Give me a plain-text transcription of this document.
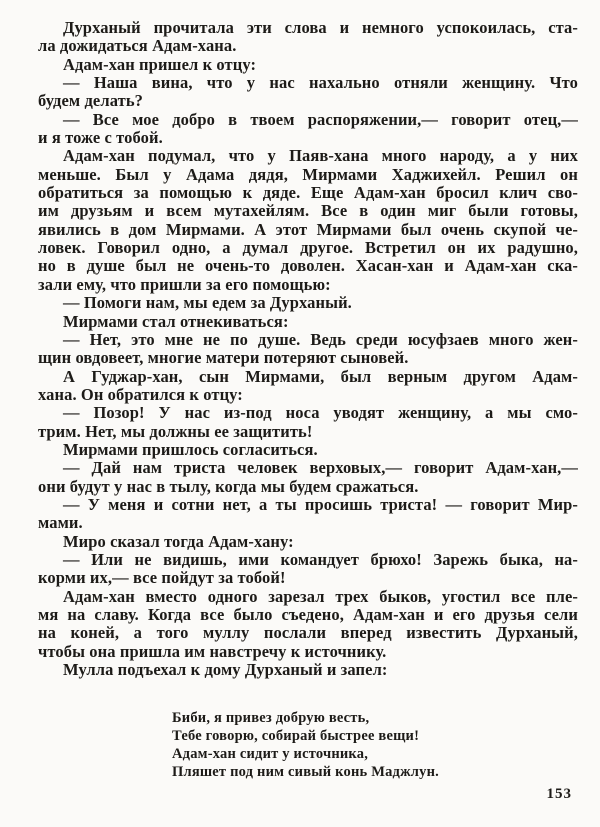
Дурханый прочитала эти слова и немного успокоилась, ста-
ла дожидаться Адам-хана.
Адам-хан пришел к отцу:
— Наша вина, что у нас нахально отняли женщину. Что
будем делать?
— Все мое добро в твоем распоряжении,— говорит отец,—
и я тоже с тобой.
Адам-хан подумал, что у Паяв-хана много народу, а у них
меньше. Был у Адама дядя, Мирмами Хаджихейл. Решил он
обратиться за помощью к дяде. Еще Адам-хан бросил клич сво-
им друзьям и всем мутахейлям. Все в один миг были готовы,
явились в дом Мирмами. А этот Мирмами был очень скупой че-
ловек. Говорил одно, а думал другое. Встретил он их радушно,
но в душе был не очень-то доволен. Хасан-хан и Адам-хан ска-
зали ему, что пришли за его помощью:
— Помоги нам, мы едем за Дурханый.
Мирмами стал отнекиваться:
— Нет, это мне не по душе. Ведь среди юсуфзаев много жен-
щин овдовеет, многие матери потеряют сыновей.
А Гуджар-хан, сын Мирмами, был верным другом Адам-
хана. Он обратился к отцу:
— Позор! У нас из-под носа уводят женщину, а мы смо-
трим. Нет, мы должны ее защитить!
Мирмами пришлось согласиться.
— Дай нам триста человек верховых,— говорит Адам-хан,—
они будут у нас в тылу, когда мы будем сражаться.
— У меня и сотни нет, а ты просишь триста! — говорит Мир-
мами.
Миро сказал тогда Адам-хану:
— Или не видишь, ими командует брюхо! Зарежь быка, на-
корми их,— все пойдут за тобой!
Адам-хан вместо одного зарезал трех быков, угостил все пле-
мя на славу. Когда все было съедено, Адам-хан и его друзья сели
на коней, а того муллу послали вперед известить Дурханый,
чтобы она пришла им навстречу к источнику.
Мулла подъехал к дому Дурханый и запел:
Биби, я привез добрую весть,
Тебе говорю, собирай быстрее вещи!
Адам-хан сидит у источника,
Пляшет под ним сивый конь Маджлун.
153
